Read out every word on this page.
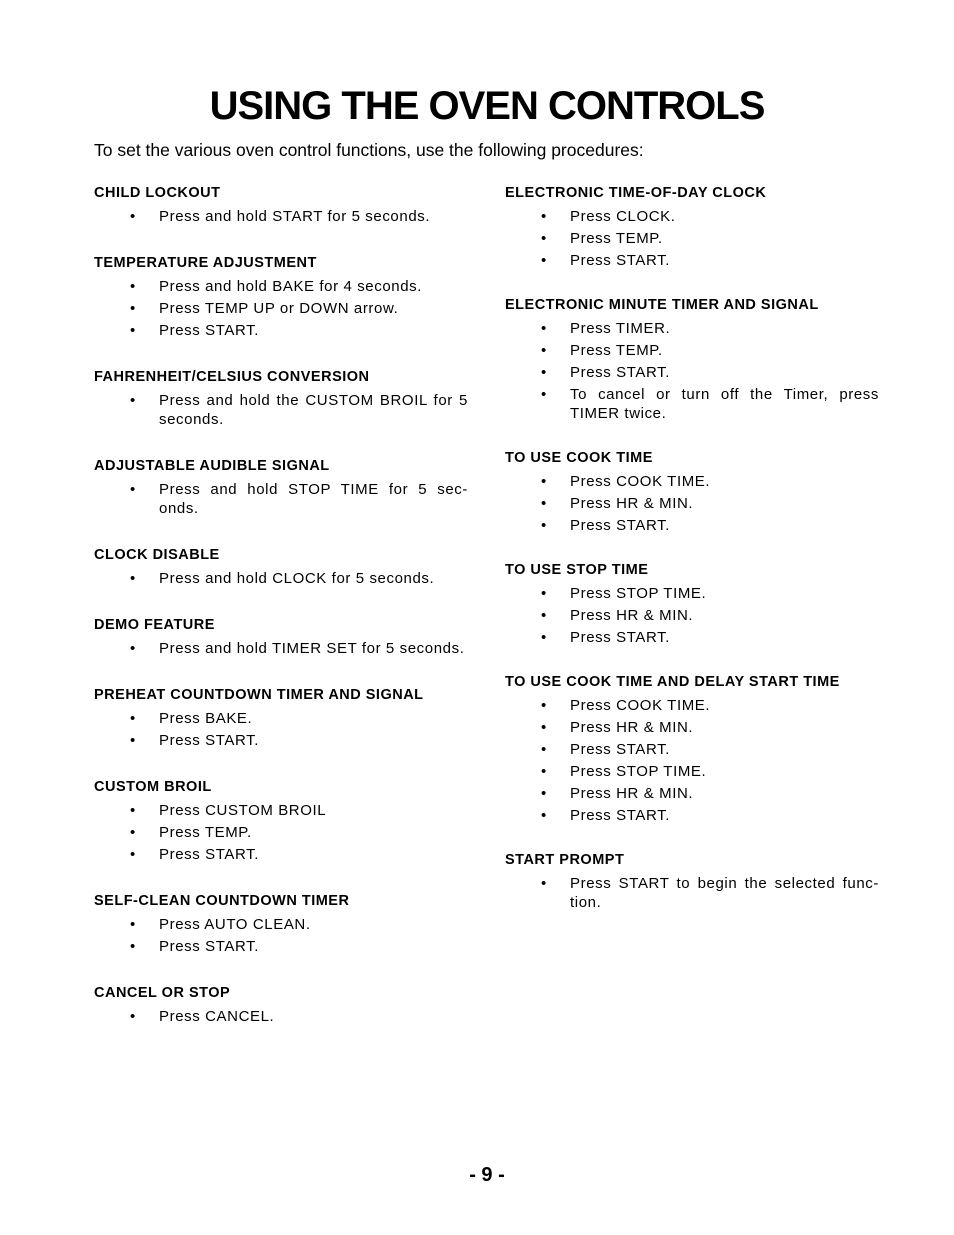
USING THE OVEN CONTROLS

To set the various oven control functions, use the following procedures:

CHILD LOCKOUT
• Press and hold START for 5 seconds.
TEMPERATURE ADJUSTMENT
• Press and hold BAKE for 4 seconds.
• Press TEMP UP or DOWN arrow.
• Press START.
FAHRENHEIT/CELSIUS CONVERSION
• Press and hold the CUSTOM BROIL for 5 seconds.
ADJUSTABLE AUDIBLE SIGNAL
• Press and hold STOP TIME for 5 sec-onds.
CLOCK DISABLE
• Press and hold CLOCK for 5 seconds.
DEMO FEATURE
• Press and hold TIMER SET for 5 seconds.
PREHEAT COUNTDOWN TIMER AND SIGNAL
• Press BAKE.
• Press START.
CUSTOM BROIL
• Press CUSTOM BROIL
• Press TEMP.
• Press START.
SELF-CLEAN COUNTDOWN TIMER
• Press AUTO CLEAN.
• Press START.
CANCEL OR STOP
• Press CANCEL.
ELECTRONIC TIME-OF-DAY CLOCK
• Press CLOCK.
• Press TEMP.
• Press START.
ELECTRONIC MINUTE TIMER AND SIGNAL
• Press TIMER.
• Press TEMP.
• Press START.
• To cancel or turn off the Timer, press TIMER twice.
TO USE COOK TIME
• Press COOK TIME.
• Press HR & MIN.
• Press START.
TO USE STOP TIME
• Press STOP TIME.
• Press HR & MIN.
• Press START.
TO USE COOK TIME AND DELAY START TIME
• Press COOK TIME.
• Press HR & MIN.
• Press START.
• Press STOP TIME.
• Press HR & MIN.
• Press START.
START PROMPT
• Press START to begin the selected func-tion.

- 9 -
